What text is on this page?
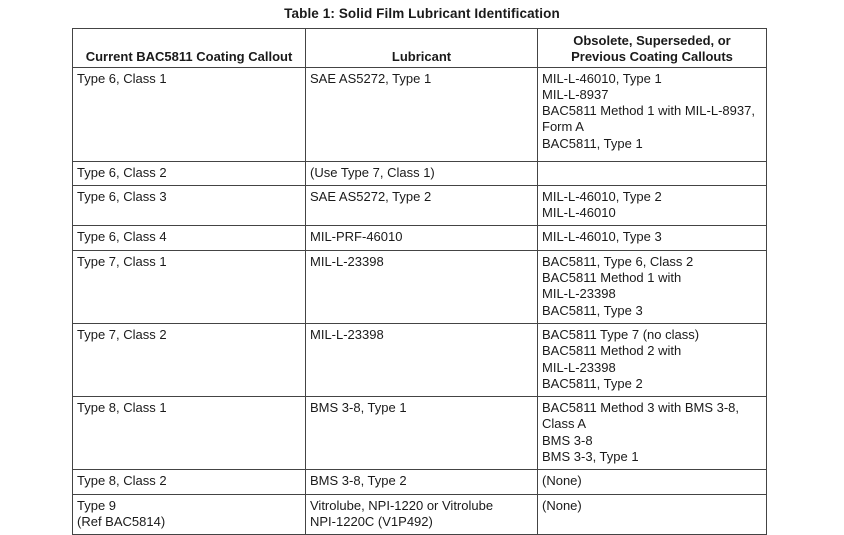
Table 1: Solid Film Lubricant Identification
Current BAC5811 Coating Callout	Lubricant	Obsolete, Superseded, or
Previous Coating Callouts

Type 6, Class 1	SAE AS5272, Type 1	MIL-L-46010, Type 1
MIL-L-8937
BAC5811 Method 1 with MIL-L-8937,
Form A
BAC5811, Type 1

Type 6, Class 2	(Use Type 7, Class 1)	

Type 6, Class 3	SAE AS5272, Type 2	MIL-L-46010, Type 2
MIL-L-46010

Type 6, Class 4	MIL-PRF-46010	MIL-L-46010, Type 3

Type 7, Class 1	MIL-L-23398	BAC5811, Type 6, Class 2
BAC5811 Method 1 with
MIL-L-23398
BAC5811, Type 3

Type 7, Class 2	MIL-L-23398	BAC5811 Type 7 (no class)
BAC5811 Method 2 with
MIL-L-23398
BAC5811, Type 2

Type 8, Class 1	BMS 3-8, Type 1	BAC5811 Method 3 with BMS 3-8,
Class A
BMS 3-8
BMS 3-3, Type 1

Type 8, Class 2	BMS 3-8, Type 2	(None)

Type 9
(Ref BAC5814)	Vitrolube, NPI-1220 or Vitrolube
NPI-1220C (V1P492)	(None)
